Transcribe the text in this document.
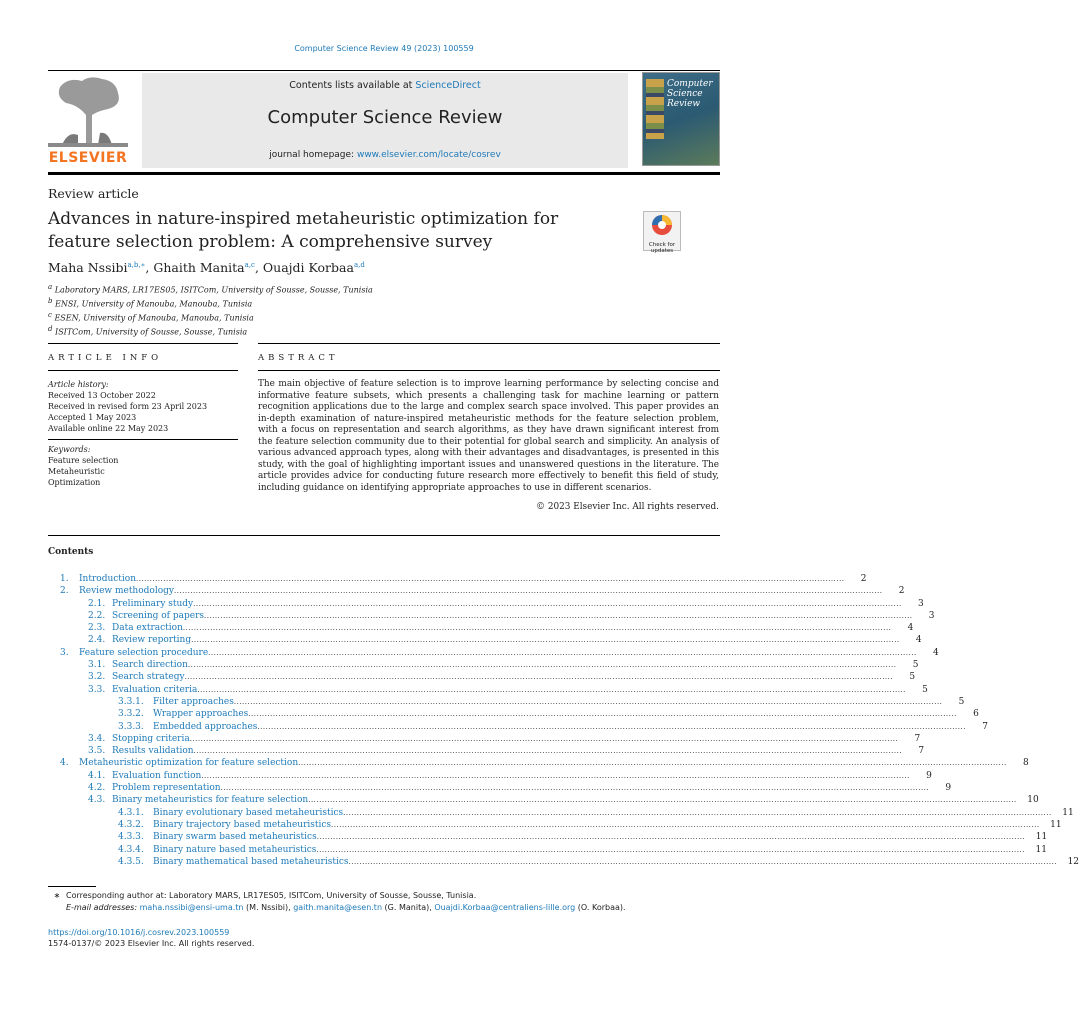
Computer Science Review 49 (2023) 100559
ELSEVIER
Contents lists available at ScienceDirect
Computer Science Review
journal homepage: www.elsevier.com/locate/cosrev
Computer
Science
Review
Review article
Advances in nature-inspired metaheuristic optimization for feature selection problem: A comprehensive survey	Check for updates
Maha Nssibi$^{a,b,∗}$, Ghaith Manita$^{a,c}$, Ouajdi Korbaa$^{a,d}$
$^a$ Laboratory MARS, LR17ES05, ISITCom, University of Sousse, Sousse, Tunisia
$^b$ ENSI, University of Manouba, Manouba, Tunisia
$^c$ ESEN, University of Manouba, Manouba, Tunisia
$^d$ ISITCom, University of Sousse, Sousse, Tunisia
ARTICLE INFO	ABSTRACT
Article history:
Received 13 October 2022
Received in revised form 23 April 2023
Accepted 1 May 2023
Available online 22 May 2023
Keywords:
Feature selection
Metaheuristic
Optimization
The main objective of feature selection is to improve learning performance by selecting concise and informative feature subsets, which presents a challenging task for machine learning or pattern recognition applications due to the large and complex search space involved. This paper provides an in-depth examination of nature-inspired metaheuristic methods for the feature selection problem, with a focus on representation and search algorithms, as they have drawn significant interest from the feature selection community due to their potential for global search and simplicity. An analysis of various advanced approach types, along with their advantages and disadvantages, is presented in this study, with the goal of highlighting important issues and unanswered questions in the literature. The article provides advice for conducting future research more effectively to benefit this field of study, including guidance on identifying appropriate approaches to use in different scenarios.
© 2023 Elsevier Inc. All rights reserved.
Contents
1.	Introduction ....................................................................................................................................................................................................................................................................	2
2.	Review methodology ....................................................................................................................................................................................................................................................................	2
2.1. Preliminary study ....................................................................................................................................................................................................................................................................	3
2.2. Screening of papers ....................................................................................................................................................................................................................................................................	3
2.3. Data extraction ....................................................................................................................................................................................................................................................................	4
2.4. Review reporting ....................................................................................................................................................................................................................................................................	4
3.	Feature selection procedure ....................................................................................................................................................................................................................................................................	4
3.1. Search direction ....................................................................................................................................................................................................................................................................	5
3.2. Search strategy ....................................................................................................................................................................................................................................................................	5
3.3. Evaluation criteria ....................................................................................................................................................................................................................................................................	5
3.3.1.	Filter approaches ....................................................................................................................................................................................................................................................................	5
3.3.2.	Wrapper approaches ....................................................................................................................................................................................................................................................................	6
3.3.3.	Embedded approaches ....................................................................................................................................................................................................................................................................	7
3.4. Stopping criteria ....................................................................................................................................................................................................................................................................	7
3.5. Results validation ....................................................................................................................................................................................................................................................................	7
4.	Metaheuristic optimization for feature selection ....................................................................................................................................................................................................................................................................	8
4.1. Evaluation function ....................................................................................................................................................................................................................................................................	9
4.2. Problem representation ....................................................................................................................................................................................................................................................................	9
4.3. Binary metaheuristics for feature selection ....................................................................................................................................................................................................................................................................	10
4.3.1.	Binary evolutionary based metaheuristics ....................................................................................................................................................................................................................................................................	11
4.3.2.	Binary trajectory based metaheuristics ....................................................................................................................................................................................................................................................................	11
4.3.3.	Binary swarm based metaheuristics ....................................................................................................................................................................................................................................................................	11
4.3.4.	Binary nature based metaheuristics ....................................................................................................................................................................................................................................................................	11
4.3.5.	Binary mathematical based metaheuristics ....................................................................................................................................................................................................................................................................	12
∗ Corresponding author at: Laboratory MARS, LR17ES05, ISITCom, University of Sousse, Sousse, Tunisia.
E-mail addresses: maha.nssibi@ensi-uma.tn (M. Nssibi), gaith.manita@esen.tn (G. Manita), Ouajdi.Korbaa@centraliens-lille.org (O. Korbaa).
https://doi.org/10.1016/j.cosrev.2023.100559
1574-0137/© 2023 Elsevier Inc. All rights reserved.
